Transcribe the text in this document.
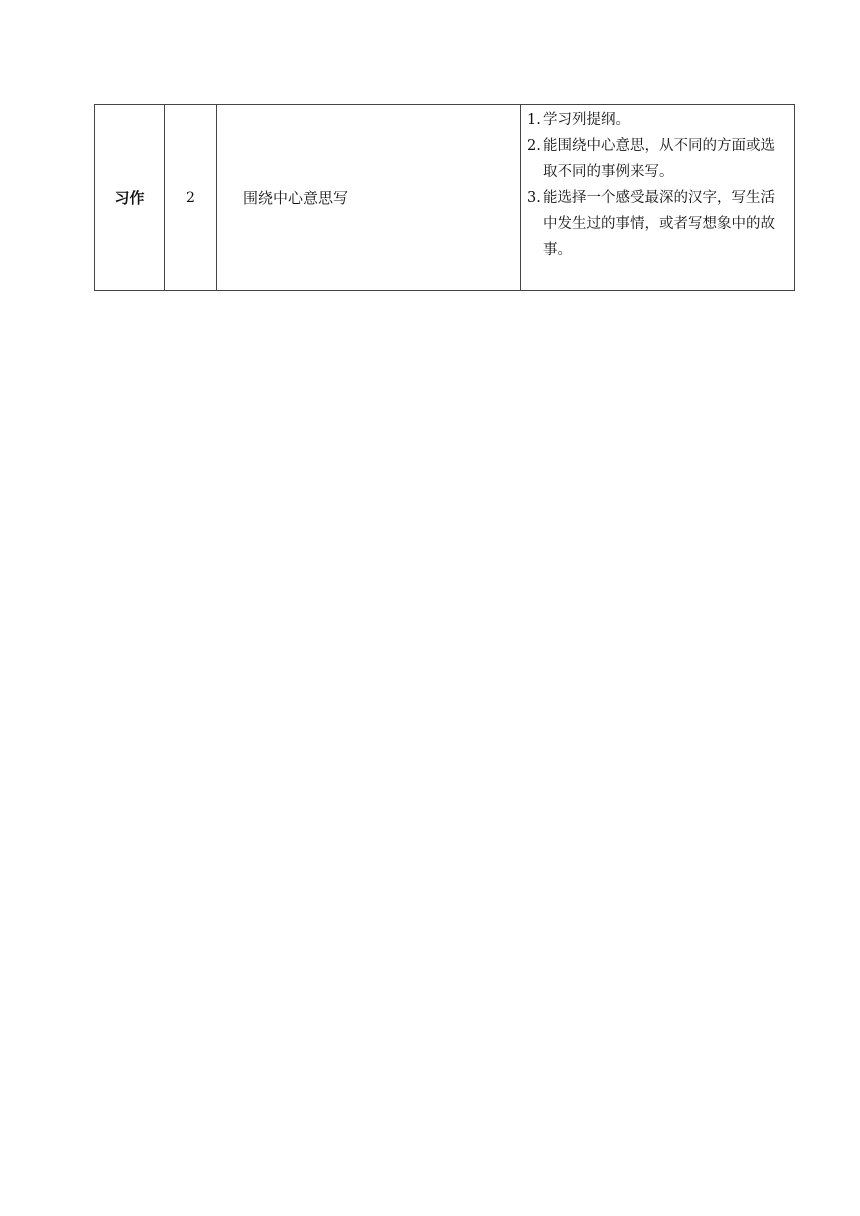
习作	2	围绕中心意思写	
1. 学习列提纲。
2. 能围绕中心意思，从不同的方面或选取不同的事例来写。
3. 能选择一个感受最深的汉字，写生活中发生过的事情，或者写想象中的故事。
